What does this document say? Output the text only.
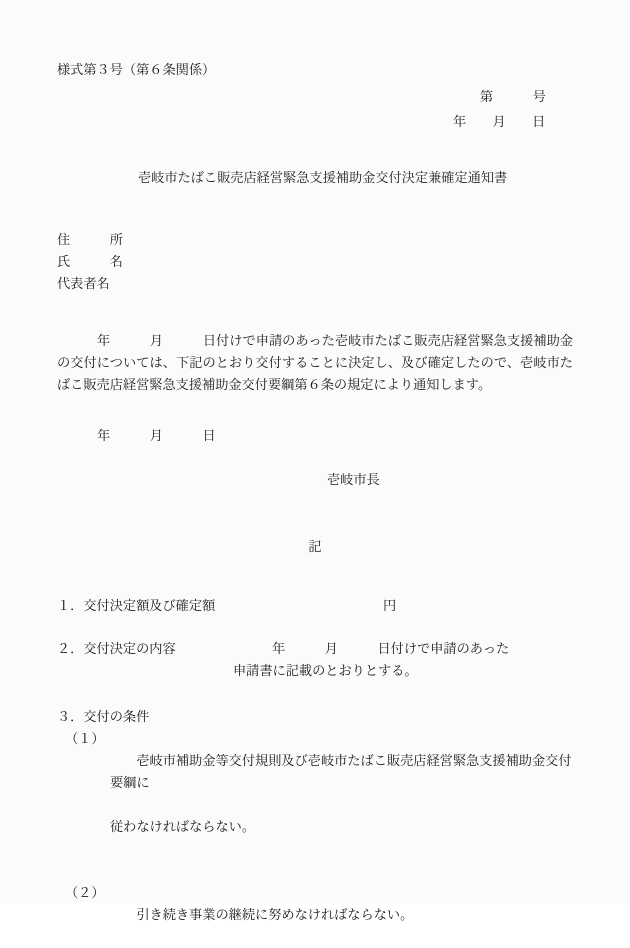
様式第３号（第６条関係）
第　　　号
年　　月　　日
壱岐市たばこ販売店経営緊急支援補助金交付決定兼確定通知書
住　　　所
氏　　　名
代表者名
年　　　月　　　日付けで申請のあった壱岐市たばこ販売店経営緊急支援補助金の交付については、下記のとおり交付することに決定し、及び確定したので、壱岐市たばこ販売店経営緊急支援補助金交付要綱第６条の規定により通知します。
年　　　月　　　日
壱岐市長
記
１．交付決定額及び確定額	円
２．交付決定の内容	年　　　月　　　日付けで申請のあった
申請書に記載のとおりとする。
３．交付の条件

（１）
壱岐市補助金等交付規則及び壱岐市たばこ販売店経営緊急支援補助金交付要綱に

従わなければならない。

（２）
引き続き事業の継続に努めなければならない。
